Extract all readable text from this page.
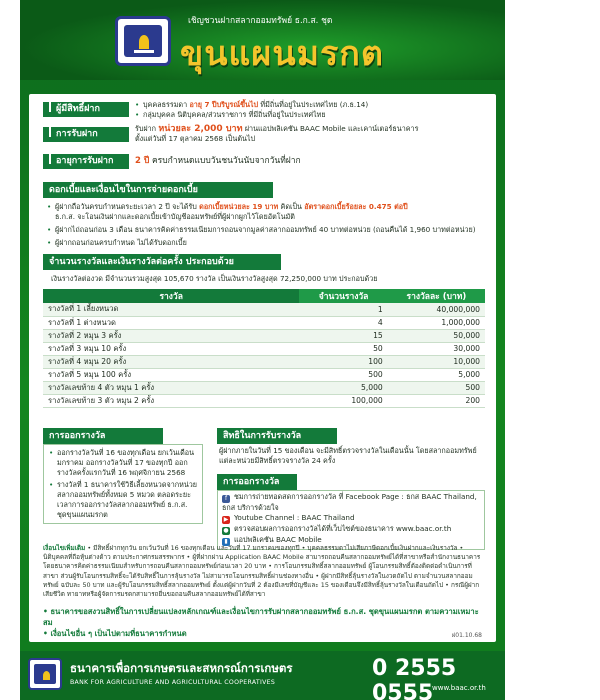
เชิญชวนฝากสลากออมทรัพย์ ธ.ก.ส. ชุด
ขุนแผนมรกต
ผู้มีสิทธิ์ฝาก	• บุคคลธรรมดา อายุ 7 ปีบริบูรณ์ขึ้นไป ที่มีถิ่นที่อยู่ในประเทศไทย (ภ.ธ.14)
• กลุ่มบุคคล นิติบุคคล/ส่วนราชการ ที่มีถิ่นที่อยู่ในประเทศไทย
การรับฝาก
รับฝาก หน่วยละ 2,000 บาท ผ่านแอปพลิเคชัน BAAC Mobile และเคาน์เตอร์ธนาคาร
ตั้งแต่วันที่ 17 ตุลาคม 2568 เป็นต้นไป
อายุการรับฝาก	2 ปี ครบกำหนดแบบวันชนวันนับจากวันที่ฝาก
ดอกเบี้ยและเงื่อนไขในการจ่ายดอกเบี้ย
• ผู้ฝากถือวันครบกำหนดระยะเวลา 2 ปี จะได้รับ ดอกเบี้ยหน่วยละ 19 บาท คิดเป็น อัตราดอกเบี้ยร้อยละ 0.475 ต่อปี
ธ.ก.ส. จะโอนเงินฝากและดอกเบี้ยเข้าบัญชีออมทรัพย์ที่ผู้ฝากผูกไว้โดยอัตโนมัติ
• ผู้ฝากไถ่ถอนก่อน 3 เดือน ธนาคารคิดค่าธรรมเนียมการถอนจากมูลค่าสลากออมทรัพย์ 40 บาทต่อหน่วย (ถอนคืนได้ 1,960 บาทต่อหน่วย)
• ผู้ฝากถอนก่อนครบกำหนด ไม่ได้รับดอกเบี้ย
จำนวนรางวัลและเงินรางวัลต่อครั้ง ประกอบด้วย
เงินรางวัลต่องวด มีจำนวนรวมสูงสุด 105,670 รางวัล เป็นเงินรางวัลสูงสุด 72,250,000 บาท ประกอบด้วย
รางวัล	จำนวนรางวัล	รางวัลละ (บาท)
รางวัลที่ 1 เลี้ยงหนวด	1	40,000,000
รางวัลที่ 1 ต่างหนวด	4	1,000,000
รางวัลที่ 2 หมุน 3 ครั้ง	15	50,000
รางวัลที่ 3 หมุน 10 ครั้ง	50	30,000
รางวัลที่ 4 หมุน 20 ครั้ง	100	10,000
รางวัลที่ 5 หมุน 100 ครั้ง	500	5,000
รางวัลเลขท้าย 4 ตัว หมุน 1 ครั้ง	5,000	500
รางวัลเลขท้าย 3 ตัว หมุน 2 ครั้ง	100,000	200
การออกรางวัล
• ออกรางวัลวันที่ 16 ของทุกเดือน ยกเว้นเดือนมกราคม ออกรางวัลวันที่ 17 ของทุกปี ออกรางวัลครั้งแรกวันที่ 16 พฤศจิกายน 2568
• รางวัลที่ 1 ธนาคารใช้วิธีเลี้ยงหนวดจากหน่วยสลากออมทรัพย์ทั้งหมด 5 หมวด ตลอดระยะเวลาการออกรางวัลสลากออมทรัพย์ ธ.ก.ส. ชุดขุนแผนมรกต
สิทธิในการรับรางวัล
ผู้ฝากภายในวันที่ 15 ของเดือน จะมีสิทธิ์ตรวจรางวัลในเดือนนั้น โดยสลากออมทรัพย์แต่ละหน่วยมีสิทธิ์ตรวจรางวัล 24 ครั้ง
การออกรางวัล
f ชมการถ่ายทอดสดการออกรางวัล ที่ Facebook Page : ธกส BAAC Thailand, ธกส บริการด้วยใจ
▶ Youtube Channel : BAAC Thailand
● ตรวจสอบผลการออกรางวัลได้ที่เว็บไซต์ของธนาคาร www.baac.or.th
▮ แอปพลิเคชัน BAAC Mobile
เงื่อนไขเพิ่มเติม • มีสิทธิ์ฝากทุกวัน ยกเว้นวันที่ 16 ของทุกเดือน และวันที่ 17 มกราคมของทุกปี • บุคคลธรรมดาไม่เสียภาษีดอกเบี้ยเงินฝากและเงินรางวัล • นิติบุคคลที่ถือหุ้นต่างด้าว ตามประกาศกรมสรรพากร • ผู้ที่ฝากผ่าน Application BAAC Mobile สามารถถอนคืนสลากออมทรัพย์ได้ที่สาขาหรือสำนักงานธนาคาร โดยธนาคารคิดค่าธรรมเนียมสำหรับการถอนคืนสลากออมทรัพย์ก่อนเวลา 20 บาท • การโอนกรรมสิทธิ์สลากออมทรัพย์ ผู้โอนกรรมสิทธิ์ต้องติดต่อดำเนินการที่สาขา ส่วนผู้รับโอนกรรมสิทธิ์จะได้รับสิทธิ์ในการลุ้นรางวัล ไม่สามารถโอนกรรมสิทธิ์ผ่านช่องทางอื่น • ผู้ฝากมีสิทธิ์ลุ้นรางวัลในงวดถัดไป ตามจำนวนสลากออมทรัพย์ ฉบับละ 50 บาท และผู้รับโอนกรรมสิทธิ์สลากออมทรัพย์ ตั้งแต่ผู้ฝากวันที่ 2 ต้องมีเลขที่บัญชีและ 15 ของเดือนจึงมีสิทธิ์ลุ้นรางวัลในเดือนถัดไป • กรณีผู้ฝากเสียชีวิต ทายาทหรือผู้จัดการมรดกสามารถยื่นขอถอนคืนสลากออมทรัพย์ได้ที่สาขา
• ธนาคารขอสงวนสิทธิ์ในการเปลี่ยนแปลงหลักเกณฑ์และเงื่อนไขการรับฝากสลากออมทรัพย์ ธ.ก.ส. ชุดขุนแผนมรกต ตามความเหมาะสม
• เงื่อนไขอื่น ๆ เป็นไปตามที่ธนาคารกำหนด	ฝ01.10.68
ธนาคารเพื่อการเกษตรและสหกรณ์การเกษตร
BANK FOR AGRICULTURE AND AGRICULTURAL COOPERATIVES
0 2555 0555
www.baac.or.th
